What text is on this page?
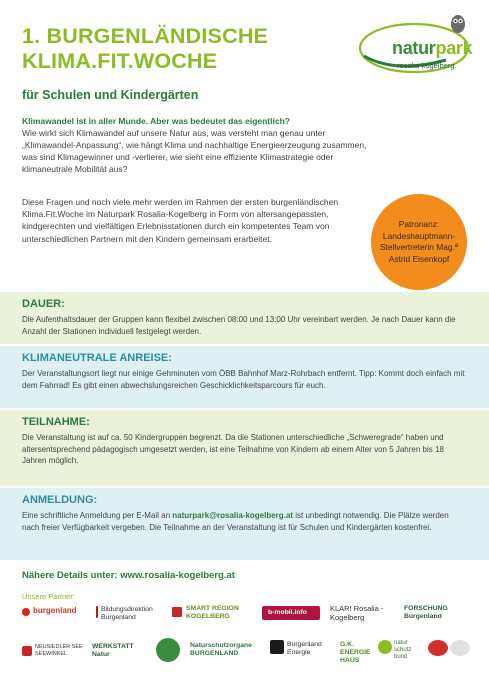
1. BURGENLÄNDISCHE
KLIMA.FIT.WOCHE

für Schulen und Kindergärten

naturpark
rosalia-kogelberg

Klimawandel ist in aller Munde. Aber was bedeutet das eigentlich?

Wie wirkt sich Klimawandel auf unsere Natur aus, was versteht man genau unter „Klimawandel-Anpassung“, wie hängt Klima und nachhaltige Energieerzeugung zusammen, was sind Klimagewinner und -verlierer, wie sieht eine effiziente Klimastrategie oder klimaneutrale Mobilität aus?

Diese Fragen und noch viele mehr werden im Rahmen der ersten burgenländischen Klima.Fit.Woche im Naturpark Rosalia-Kogelberg in Form von altersangepassten, kindgerechten und vielfältigen Erlebnisstationen durch ein kompetentes Team von unterschiedlichen Partnern mit den Kindern gemeinsam erarbeitet.

Patronanz: Landeshauptmann-Stellvertreterin Mag.ª Astrid Eisenkopf
DAUER:

Die Aufenthaltsdauer der Gruppen kann flexibel zwischen 08:00 und 13:00 Uhr vereinbart werden. Je nach Dauer kann die Anzahl der Stationen individuell festgelegt werden.

KLIMANEUTRALE ANREISE:

Der Veranstaltungsort liegt nur einige Gehminuten vom ÖBB Bahnhof Marz-Rohrbach entfernt. Tipp: Kommt doch einfach mit dem Fahrrad! Es gibt einen abwechslungsreichen Geschicklichkeitsparcours für euch.

TEILNAHME:

Die Veranstaltung ist auf ca. 50 Kindergruppen begrenzt. Da die Stationen unterschiedliche „Schweregrade“ haben und altersentsprechend pädagogisch umgesetzt werden, ist eine Teilnahme von Kindern ab einem Alter von 5 Jahren bis 18 Jahren möglich.

ANMELDUNG:

Eine schriftliche Anmeldung per E-Mail an naturpark@rosalia-kogelberg.at ist unbedingt notwendig. Die Plätze werden nach freier Verfügbarkeit vergeben. Die Teilnahme an der Veranstaltung ist für Schulen und Kindergärten kostenfrei.

Nähere Details unter: www.rosalia-kogelberg.at

Unsere Partner:
burgenland	Bildungsdirektion Burgenland
SMART REGION KOGELBERG
b-mobil.info	KLAR! Rosalia - Kogelberg
FORSCHUNG Burgenland
NEUSIEDLER SEE SEEWINKEL
WERKSTATT Natur
Naturschutzorgane BURGENLAND
Burgenland Energie
G.K. ENERGIE HAUS
natur schutz bund
